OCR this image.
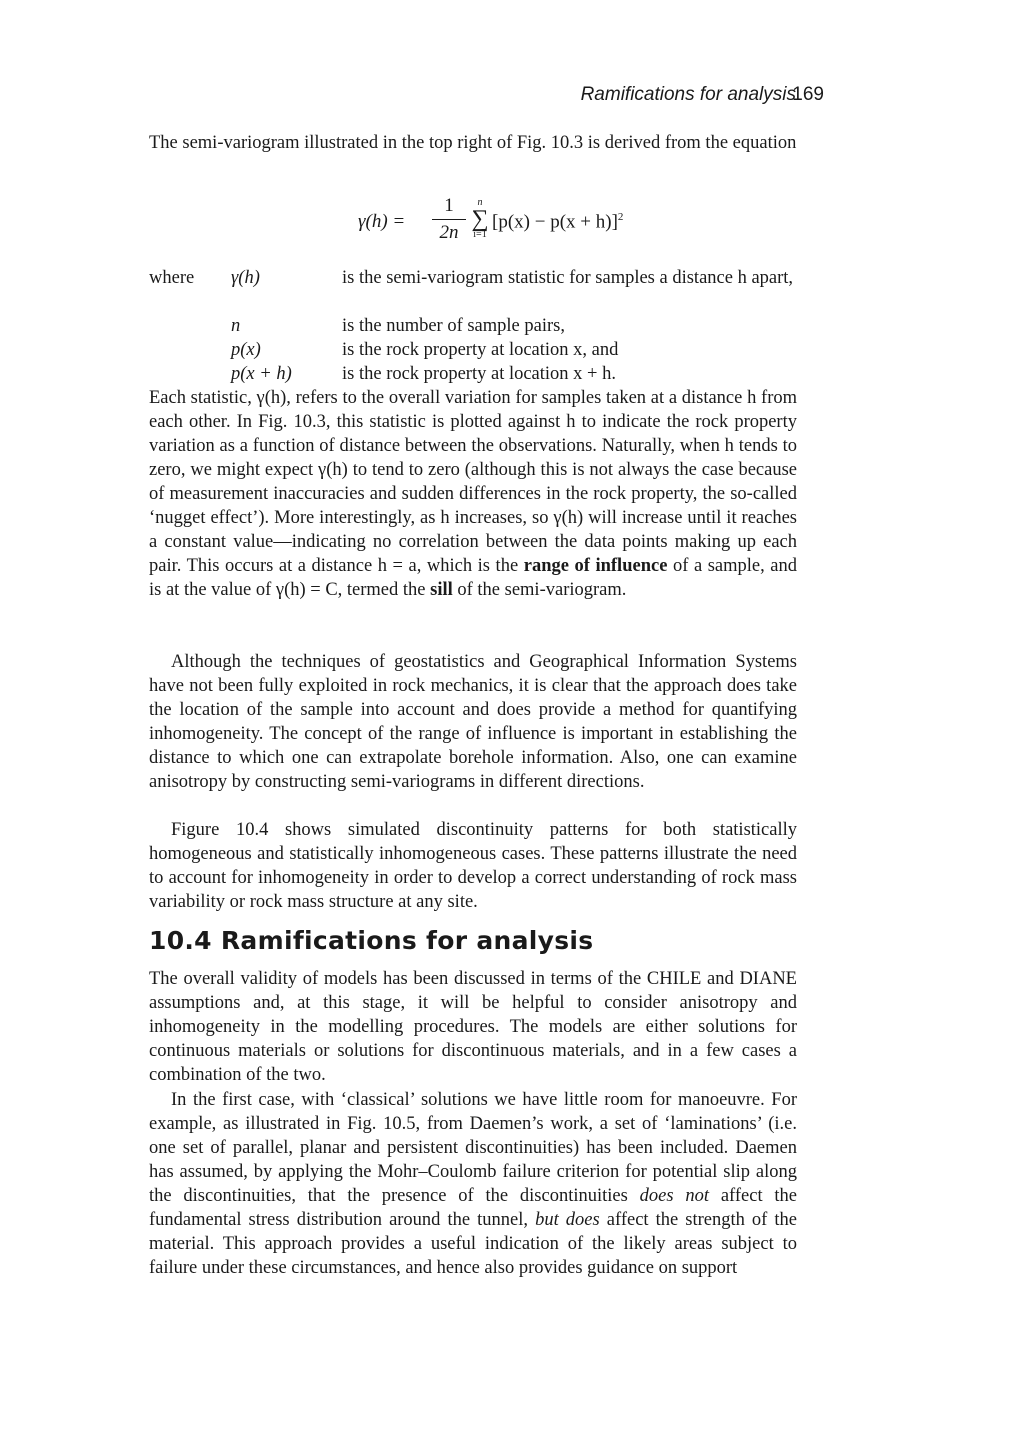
Ramifications for analysis
169

The semi-variogram illustrated in the top right of Fig. 10.3 is derived from the equation

γ(h) =
1
2n
n
∑
i=1
$[p(x) - p(x + h)]^2$
where γ(h)	is the semi-variogram statistic for samples a distance h apart,
n	is the number of sample pairs,
p(x)	is the rock property at location x, and
p(x + h)	is the rock property at location x + h.

Each statistic, γ(h), refers to the overall variation for samples taken at a distance h from each other. In Fig. 10.3, this statistic is plotted against h to indicate the rock property variation as a function of distance between the observations. Naturally, when h tends to zero, we might expect γ(h) to tend to zero (although this is not always the case because of measurement inaccuracies and sudden differences in the rock property, the so-called ‘nugget effect’). More interestingly, as h increases, so γ(h) will increase until it reaches a constant value—indicating no correlation between the data points making up each pair. This occurs at a distance h = a, which is the range of influence of a sample, and is at the value of γ(h) = C, termed the sill of the semi-variogram.

Although the techniques of geostatistics and Geographical Information Systems have not been fully exploited in rock mechanics, it is clear that the approach does take the location of the sample into account and does provide a method for quantifying inhomogeneity. The concept of the range of influence is important in establishing the distance to which one can extrapolate borehole information. Also, one can examine anisotropy by constructing semi-variograms in different directions.

Figure 10.4 shows simulated discontinuity patterns for both statistically homogeneous and statistically inhomogeneous cases. These patterns illustrate the need to account for inhomogeneity in order to develop a correct understanding of rock mass variability or rock mass structure at any site.

10.4 Ramifications for analysis

The overall validity of models has been discussed in terms of the CHILE and DIANE assumptions and, at this stage, it will be helpful to consider anisotropy and inhomogeneity in the modelling procedures. The models are either solutions for continuous materials or solutions for discontinuous materials, and in a few cases a combination of the two.

In the first case, with ‘classical’ solutions we have little room for manoeuvre. For example, as illustrated in Fig. 10.5, from Daemen’s work, a set of ‘laminations’ (i.e. one set of parallel, planar and persistent discontinuities) has been included. Daemen has assumed, by applying the Mohr–Coulomb failure criterion for potential slip along the discontinuities, that the presence of the discontinuities does not affect the fundamental stress distribution around the tunnel, but does affect the strength of the material. This approach provides a useful indication of the likely areas subject to failure under these circumstances, and hence also provides guidance on support
